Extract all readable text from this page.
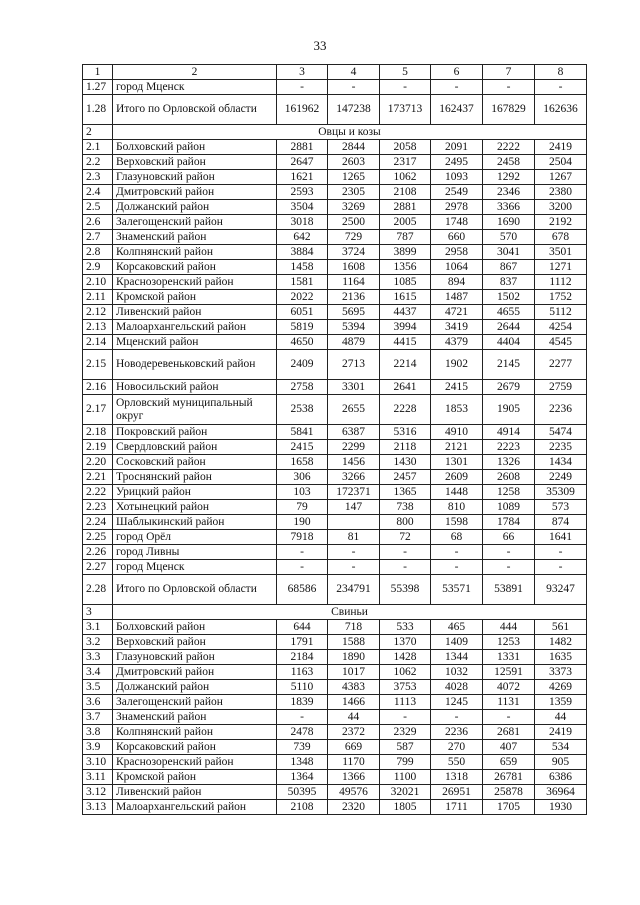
33
1	2	3	4	5	6	7	8
1.27	город Мценск	-	-	-	-	-	-
1.28	Итого по Орловской области	161962	147238	173713	162437	167829	162636
2	Овцы и козы						
2.1	Болховский район	2881	2844	2058	2091	2222	2419
2.2	Верховский район	2647	2603	2317	2495	2458	2504
2.3	Глазуновский район	1621	1265	1062	1093	1292	1267
2.4	Дмитровский район	2593	2305	2108	2549	2346	2380
2.5	Должанский район	3504	3269	2881	2978	3366	3200
2.6	Залегощенский район	3018	2500	2005	1748	1690	2192
2.7	Знаменский район	642	729	787	660	570	678
2.8	Колпнянский район	3884	3724	3899	2958	3041	3501
2.9	Корсаковский район	1458	1608	1356	1064	867	1271
2.10	Краснозоренский район	1581	1164	1085	894	837	1112
2.11	Кромской район	2022	2136	1615	1487	1502	1752
2.12	Ливенский район	6051	5695	4437	4721	4655	5112
2.13	Малоархангельский район	5819	5394	3994	3419	2644	4254
2.14	Мценский район	4650	4879	4415	4379	4404	4545
2.15	Новодеревеньковский район	2409	2713	2214	1902	2145	2277
2.16	Новосильский район	2758	3301	2641	2415	2679	2759
2.17	Орловский муниципальный округ	2538	2655	2228	1853	1905	2236
2.18	Покровский район	5841	6387	5316	4910	4914	5474
2.19	Свердловский район	2415	2299	2118	2121	2223	2235
2.20	Сосковский район	1658	1456	1430	1301	1326	1434
2.21	Троснянский район	306	3266	2457	2609	2608	2249
2.22	Урицкий район	103	172371	1365	1448	1258	35309
2.23	Хотынецкий район	79	147	738	810	1089	573
2.24	Шаблыкинский район	190		800	1598	1784	874
2.25	город Орёл	7918	81	72	68	66	1641
2.26	город Ливны	-	-	-	-	-	-
2.27	город Мценск	-	-	-	-	-	-
2.28	Итого по Орловской области	68586	234791	55398	53571	53891	93247
3	Свиньи						
3.1	Болховский район	644	718	533	465	444	561
3.2	Верховский район	1791	1588	1370	1409	1253	1482
3.3	Глазуновский район	2184	1890	1428	1344	1331	1635
3.4	Дмитровский район	1163	1017	1062	1032	12591	3373
3.5	Должанский район	5110	4383	3753	4028	4072	4269
3.6	Залегощенский район	1839	1466	1113	1245	1131	1359
3.7	Знаменский район	-	44	-	-	-	44
3.8	Колпнянский район	2478	2372	2329	2236	2681	2419
3.9	Корсаковский район	739	669	587	270	407	534
3.10	Краснозоренский район	1348	1170	799	550	659	905
3.11	Кромской район	1364	1366	1100	1318	26781	6386
3.12	Ливенский район	50395	49576	32021	26951	25878	36964
3.13	Малоархангельский район	2108	2320	1805	1711	1705	1930
